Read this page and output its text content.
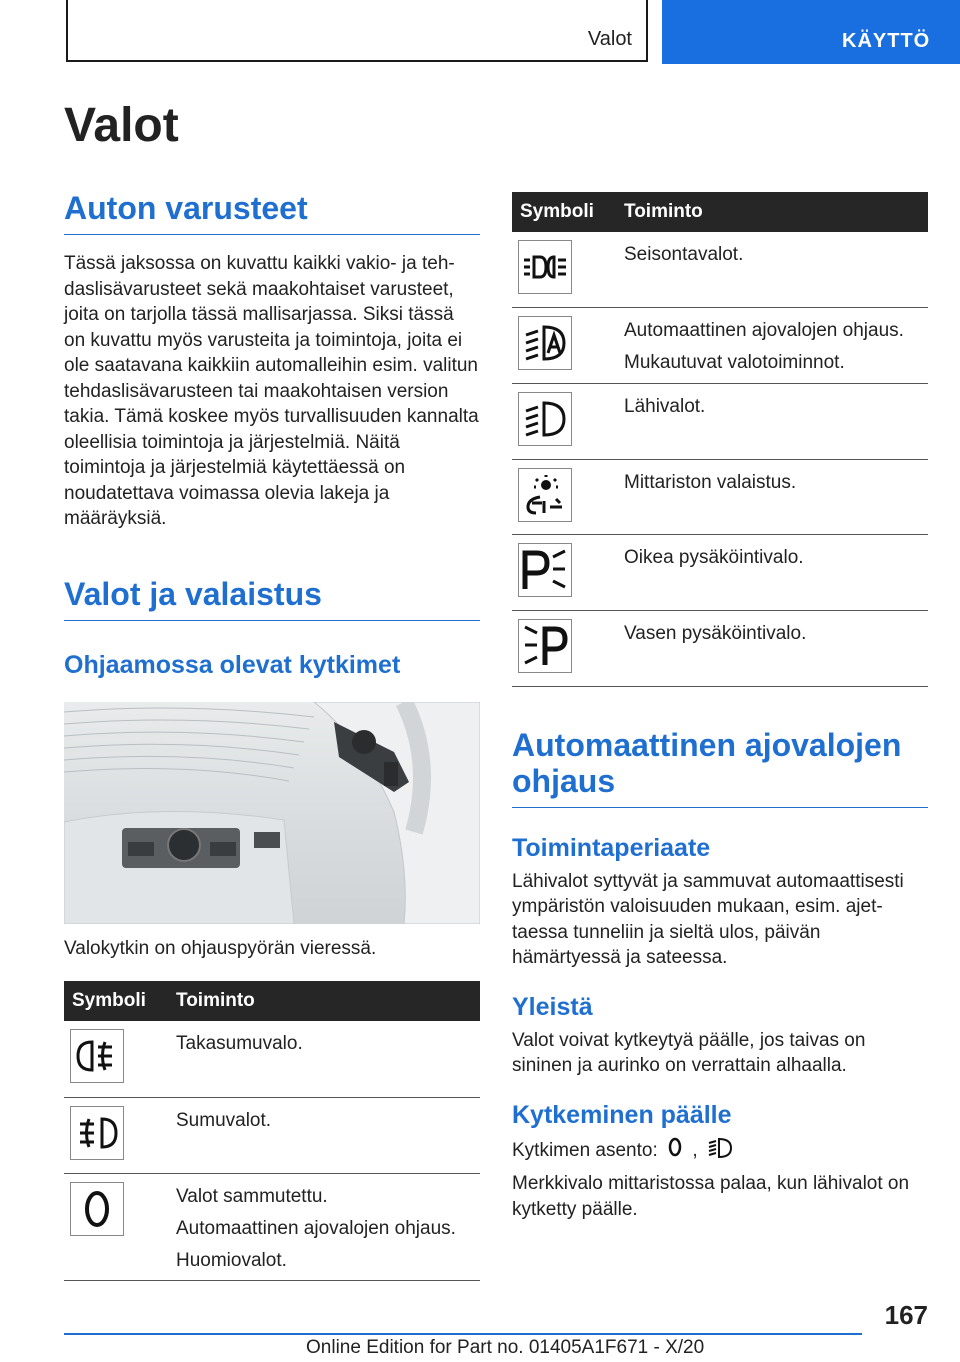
Valot	KÄYTTÖ
Valot
Auton varusteet

Tässä jaksossa on kuvattu kaikki vakio- ja tehdaslisävarusteet sekä maakohtaiset varusteet, joita on tarjolla tässä mallisarjassa. Siksi tässä on kuvattu myös varusteita ja toimintoja, joita ei ole saatavana kaikkiin automalleihin esim. valitun tehdaslisävarusteen tai maakohtaisen version takia. Tämä koskee myös turvallisuuden kannalta oleellisia toimintoja ja järjestelmiä. Näitä toimintoja ja järjestelmiä käytettäessä on noudatettava voimassa olevia lakeja ja määräyksiä.

Valot ja valaistus
Ohjaamossa olevat kytkimet

Valokytkin on ohjauspyörän vieressä.

Symboli	Toiminto

Takasumuvalo.

Sumuvalot.

Valot sammutettu.
Automaattinen ajovalojen ohjaus.
Huomiovalot.
Symboli	Toiminto

Seisontavalot.

Automaattinen ajovalojen ohjaus.
Mukautuvat valotoiminnot.

Lähivalot.

Mittariston valaistus.

Oikea pysäköintivalo.

Vasen pysäköintivalo.
Automaattinen ajovalojen ohjaus
Toimintaperiaate

Lähivalot syttyvät ja sammuvat automaattisesti ympäristön valoisuuden mukaan, esim. ajettaessa tunneliin ja sieltä ulos, päivän hämärtyessä ja sateessa.

Yleistä

Valot voivat kytkeytyä päälle, jos taivas on sininen ja aurinko on verrattain alhaalla.

Kytkeminen päälle

Kytkimen asento: ,

Merkkivalo mittaristossa palaa, kun lähivalot on kytketty päälle.

167
Online Edition for Part no. 01405A1F671 - X/20
